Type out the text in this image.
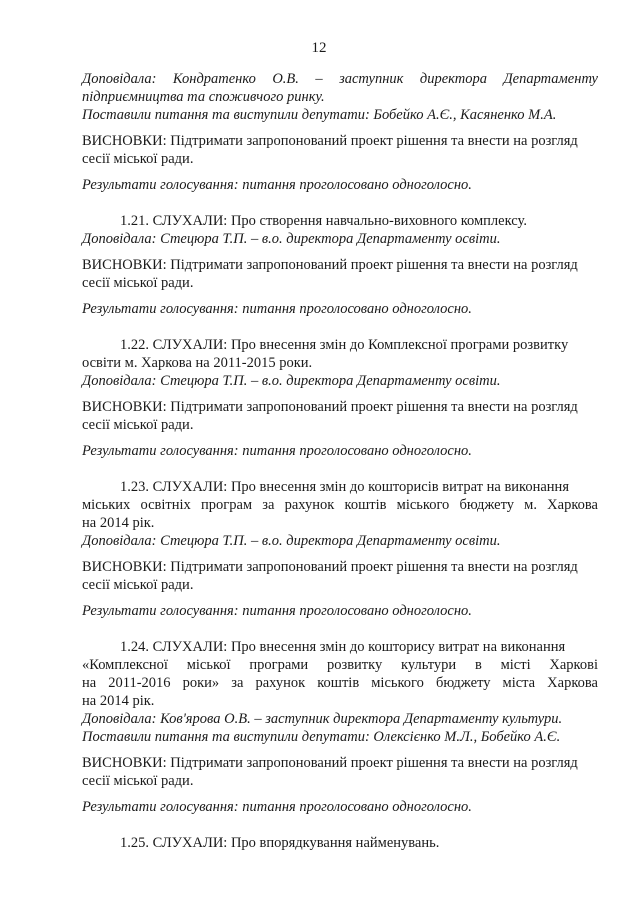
12
Доповідала: Кондратенко О.В. – заступник директора Департаменту
підприємництва та споживчого ринку.
Поставили питання та виступили депутати: Бобейко А.Є., Касяненко М.А.
ВИСНОВКИ: Підтримати запропонований проект рішення та внести на розгляд
сесії міської ради.
Результати голосування: питання проголосовано одноголосно.
1.21. СЛУХАЛИ: Про створення навчально-виховного комплексу.
Доповідала: Стецюра Т.П. – в.о. директора Департаменту освіти.
ВИСНОВКИ: Підтримати запропонований проект рішення та внести на розгляд
сесії міської ради.
Результати голосування: питання проголосовано одноголосно.
1.22. СЛУХАЛИ: Про внесення змін до Комплексної програми розвитку
освіти м. Харкова на 2011-2015 роки.
Доповідала: Стецюра Т.П. – в.о. директора Департаменту освіти.
ВИСНОВКИ: Підтримати запропонований проект рішення та внести на розгляд
сесії міської ради.
Результати голосування: питання проголосовано одноголосно.
1.23. СЛУХАЛИ: Про внесення змін до кошторисів витрат на виконання
міських освітніх програм за рахунок коштів міського бюджету м. Харкова
на 2014 рік.
Доповідала: Стецюра Т.П. – в.о. директора Департаменту освіти.
ВИСНОВКИ: Підтримати запропонований проект рішення та внести на розгляд
сесії міської ради.
Результати голосування: питання проголосовано одноголосно.
1.24. СЛУХАЛИ: Про внесення змін до кошторису витрат на виконання
«Комплексної міської програми розвитку культури в місті Харкові
на 2011-2016 роки» за рахунок коштів міського бюджету міста Харкова
на 2014 рік.
Доповідала: Ков'ярова О.В. – заступник директора Департаменту культури.
Поставили питання та виступили депутати: Олексієнко М.Л., Бобейко А.Є.
ВИСНОВКИ: Підтримати запропонований проект рішення та внести на розгляд
сесії міської ради.
Результати голосування: питання проголосовано одноголосно.
1.25. СЛУХАЛИ: Про впорядкування найменувань.
